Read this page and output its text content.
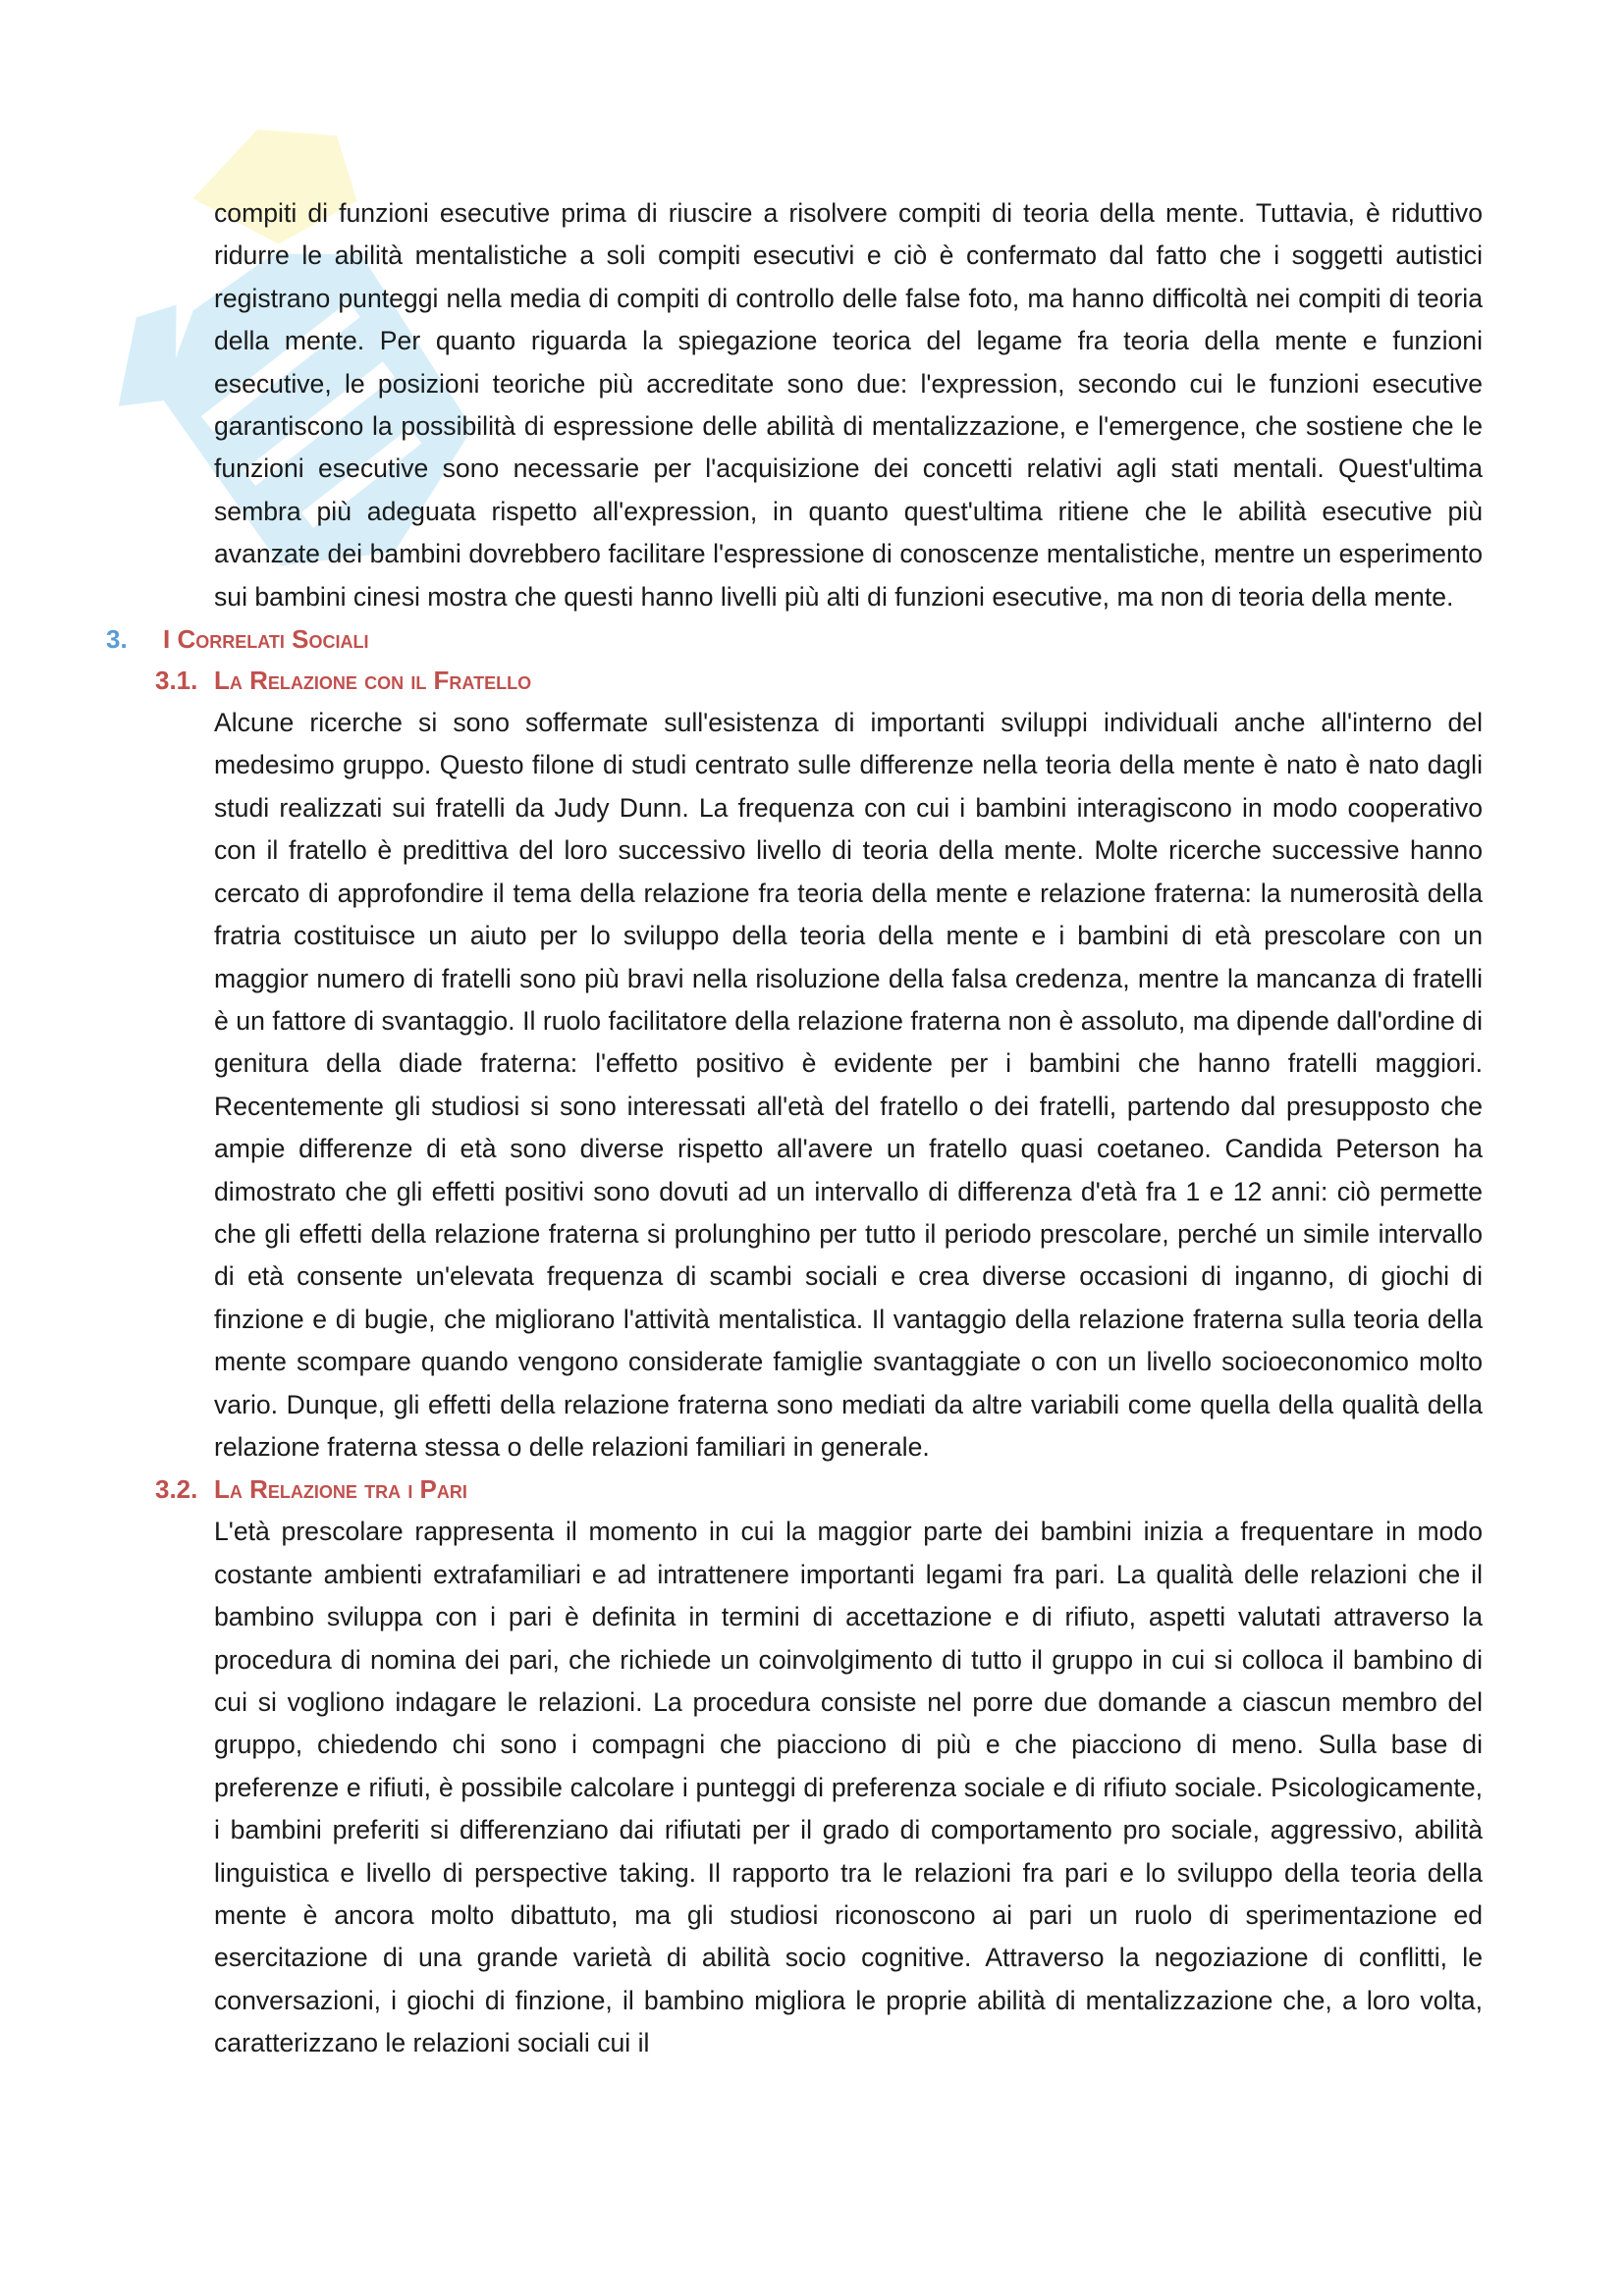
compiti di funzioni esecutive prima di riuscire a risolvere compiti di teoria della mente. Tuttavia, è riduttivo ridurre le abilità mentalistiche a soli compiti esecutivi e ciò è confermato dal fatto che i soggetti autistici registrano punteggi nella media di compiti di controllo delle false foto, ma hanno difficoltà nei compiti di teoria della mente. Per quanto riguarda la spiegazione teorica del legame fra teoria della mente e funzioni esecutive, le posizioni teoriche più accreditate sono due: l'expression, secondo cui le funzioni esecutive garantiscono la possibilità di espressione delle abilità di mentalizzazione, e l'emergence, che sostiene che le funzioni esecutive sono necessarie per l'acquisizione dei concetti relativi agli stati mentali. Quest'ultima sembra più adeguata rispetto all'expression, in quanto quest'ultima ritiene che le abilità esecutive più avanzate dei bambini dovrebbero facilitare l'espressione di conoscenze mentalistiche, mentre un esperimento sui bambini cinesi mostra che questi hanno livelli più alti di funzioni esecutive, ma non di teoria della mente.

3. I Correlati Sociali
3.1. La Relazione con il Fratello

Alcune ricerche si sono soffermate sull'esistenza di importanti sviluppi individuali anche all'interno del medesimo gruppo. Questo filone di studi centrato sulle differenze nella teoria della mente è nato è nato dagli studi realizzati sui fratelli da Judy Dunn. La frequenza con cui i bambini interagiscono in modo cooperativo con il fratello è predittiva del loro successivo livello di teoria della mente. Molte ricerche successive hanno cercato di approfondire il tema della relazione fra teoria della mente e relazione fraterna: la numerosità della fratria costituisce un aiuto per lo sviluppo della teoria della mente e i bambini di età prescolare con un maggior numero di fratelli sono più bravi nella risoluzione della falsa credenza, mentre la mancanza di fratelli è un fattore di svantaggio. Il ruolo facilitatore della relazione fraterna non è assoluto, ma dipende dall'ordine di genitura della diade fraterna: l'effetto positivo è evidente per i bambini che hanno fratelli maggiori. Recentemente gli studiosi si sono interessati all'età del fratello o dei fratelli, partendo dal presupposto che ampie differenze di età sono diverse rispetto all'avere un fratello quasi coetaneo. Candida Peterson ha dimostrato che gli effetti positivi sono dovuti ad un intervallo di differenza d'età fra 1 e 12 anni: ciò permette che gli effetti della relazione fraterna si prolunghino per tutto il periodo prescolare, perché un simile intervallo di età consente un'elevata frequenza di scambi sociali e crea diverse occasioni di inganno, di giochi di finzione e di bugie, che migliorano l'attività mentalistica. Il vantaggio della relazione fraterna sulla teoria della mente scompare quando vengono considerate famiglie svantaggiate o con un livello socioeconomico molto vario. Dunque, gli effetti della relazione fraterna sono mediati da altre variabili come quella della qualità della relazione fraterna stessa o delle relazioni familiari in generale.

3.2. La Relazione tra i Pari

L'età prescolare rappresenta il momento in cui la maggior parte dei bambini inizia a frequentare in modo costante ambienti extrafamiliari e ad intrattenere importanti legami fra pari. La qualità delle relazioni che il bambino sviluppa con i pari è definita in termini di accettazione e di rifiuto, aspetti valutati attraverso la procedura di nomina dei pari, che richiede un coinvolgimento di tutto il gruppo in cui si colloca il bambino di cui si vogliono indagare le relazioni. La procedura consiste nel porre due domande a ciascun membro del gruppo, chiedendo chi sono i compagni che piacciono di più e che piacciono di meno. Sulla base di preferenze e rifiuti, è possibile calcolare i punteggi di preferenza sociale e di rifiuto sociale. Psicologicamente, i bambini preferiti si differenziano dai rifiutati per il grado di comportamento pro sociale, aggressivo, abilità linguistica e livello di perspective taking. Il rapporto tra le relazioni fra pari e lo sviluppo della teoria della mente è ancora molto dibattuto, ma gli studiosi riconoscono ai pari un ruolo di sperimentazione ed esercitazione di una grande varietà di abilità socio cognitive. Attraverso la negoziazione di conflitti, le conversazioni, i giochi di finzione, il bambino migliora le proprie abilità di mentalizzazione che, a loro volta, caratterizzano le relazioni sociali cui il
